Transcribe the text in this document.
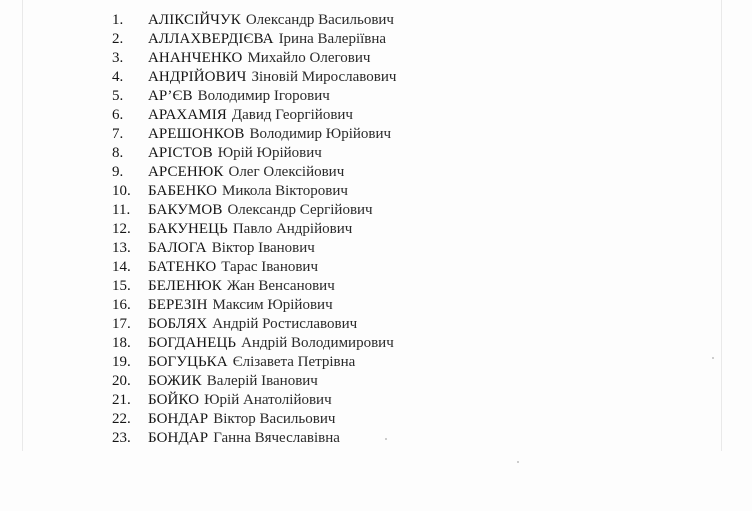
1.	АЛІКСІЙЧУК Олександр Васильович
2.	АЛЛАХВЕРДІЄВА Ірина Валеріївна
3.	АНАНЧЕНКО Михайло Олегович
4.	АНДРІЙОВИЧ Зіновій Мирославович
5.	АР’ЄВ Володимир Ігорович
6.	АРАХАМІЯ Давид Георгійович
7.	АРЕШОНКОВ Володимир Юрійович
8.	АРІСТОВ Юрій Юрійович
9.	АРСЕНЮК Олег Олексійович
10.	БАБЕНКО Микола Вікторович
11.	БАКУМОВ Олександр Сергійович
12.	БАКУНЕЦЬ Павло Андрійович
13.	БАЛОГА Віктор Іванович
14.	БАТЕНКО Тарас Іванович
15.	БЕЛЕНЮК Жан Венсанович
16.	БЕРЕЗІН Максим Юрійович
17.	БОБЛЯХ Андрій Ростиславович
18.	БОГДАНЕЦЬ Андрій Володимирович
19.	БОГУЦЬКА Єлізавета Петрівна
20.	БОЖИК Валерій Іванович
21.	БОЙКО Юрій Анатолійович
22.	БОНДАР Віктор Васильович
23.	БОНДАР Ганна Вячеславівна
